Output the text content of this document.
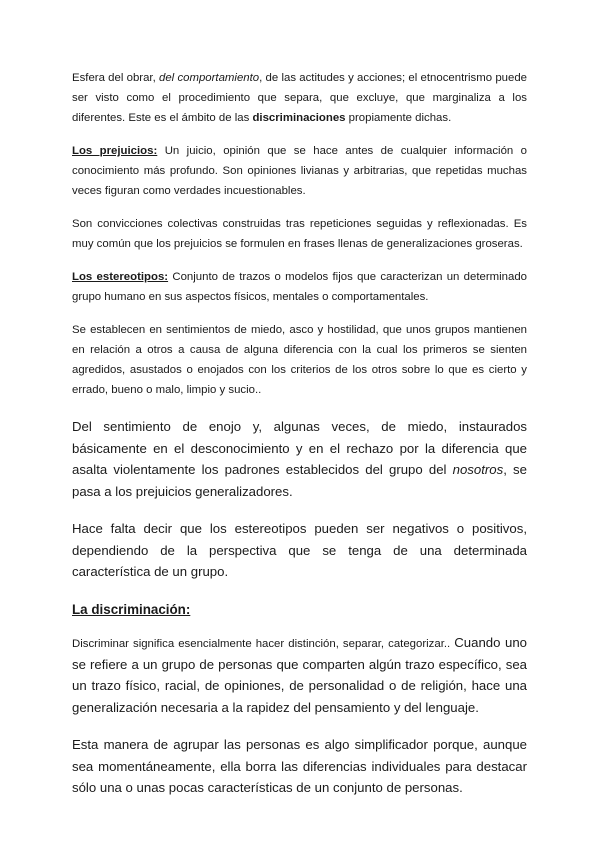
Esfera del obrar, del comportamiento, de las actitudes y acciones; el etnocentrismo puede ser visto como el procedimiento que separa, que excluye, que marginaliza a los diferentes. Este es el ámbito de las discriminaciones propiamente dichas.

Los prejuicios: Un juicio, opinión que se hace antes de cualquier información o conocimiento más profundo. Son opiniones livianas y arbitrarias, que repetidas muchas veces figuran como verdades incuestionables.

Son convicciones colectivas construidas tras repeticiones seguidas y reflexionadas. Es muy común que los prejuicios se formulen en frases llenas de generalizaciones groseras.

Los estereotipos: Conjunto de trazos o modelos fijos que caracterizan un determinado grupo humano en sus aspectos físicos, mentales o comportamentales.

Se establecen en sentimientos de miedo, asco y hostilidad, que unos grupos mantienen en relación a otros a causa de alguna diferencia con la cual los primeros se sienten agredidos, asustados o enojados con los criterios de los otros sobre lo que es cierto y errado, bueno o malo, limpio y sucio..

Del sentimiento de enojo y, algunas veces, de miedo, instaurados básicamente en el desconocimiento y en el rechazo por la diferencia que asalta violentamente los padrones establecidos del grupo del nosotros, se pasa a los prejuicios generalizadores.

Hace falta decir que los estereotipos pueden ser negativos o positivos, dependiendo de la perspectiva que se tenga de una determinada característica de un grupo.

La discriminación:

Discriminar significa esencialmente hacer distinción, separar, categorizar.. Cuando uno se refiere a un grupo de personas que comparten algún trazo específico, sea un trazo físico, racial, de opiniones, de personalidad o de religión, hace una generalización necesaria a la rapidez del pensamiento y del lenguaje.

Esta manera de agrupar las personas es algo simplificador porque, aunque sea momentáneamente, ella borra las diferencias individuales para destacar sólo una o unas pocas características de un conjunto de personas.
